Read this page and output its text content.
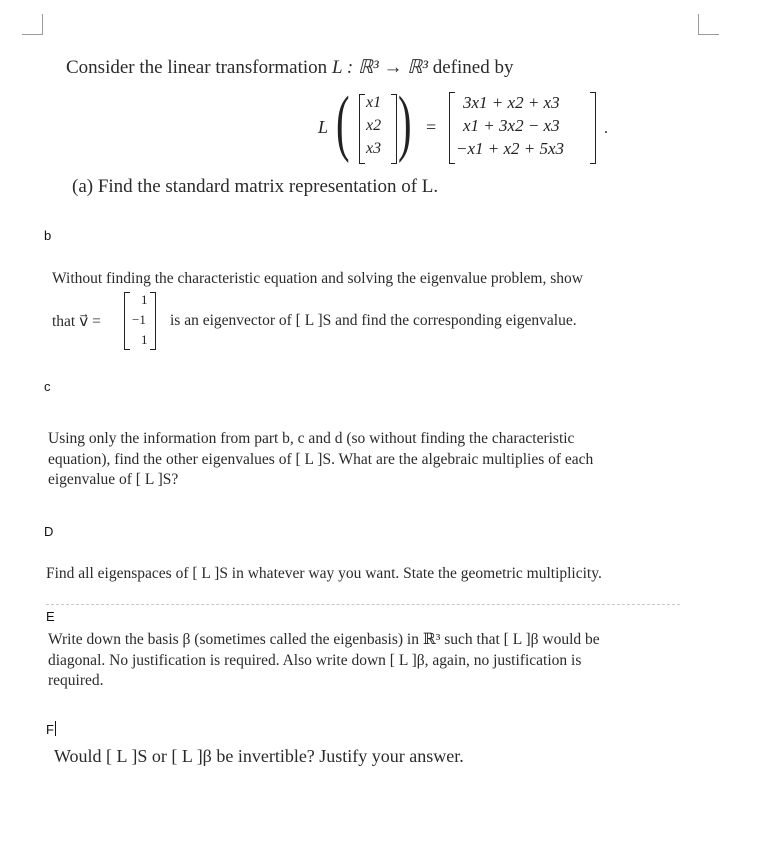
Consider the linear transformation L : ℝ³ → ℝ³ defined by
L ( )
x1
x2
x3
=
3x1 + x2 + x3
x1 + 3x2 − x3
−x1 + x2 + 5x3
.
(a) Find the standard matrix representation of L.
b
Without finding the characteristic equation and solving the eigenvalue problem, show
that v⃗ =
1
−1
1
is an eigenvector of [ L ]S and find the corresponding eigenvalue.
c
Using only the information from part b, c and d (so without finding the characteristic
equation), find the other eigenvalues of [ L ]S. What are the algebraic multiplies of each
eigenvalue of [ L ]S?
D
Find all eigenspaces of [ L ]S in whatever way you want. State the geometric multiplicity.
E
Write down the basis β (sometimes called the eigenbasis) in ℝ³ such that [ L ]β would be
diagonal. No justification is required. Also write down [ L ]β, again, no justification is
required.
F
Would [ L ]S or [ L ]β be invertible? Justify your answer.
